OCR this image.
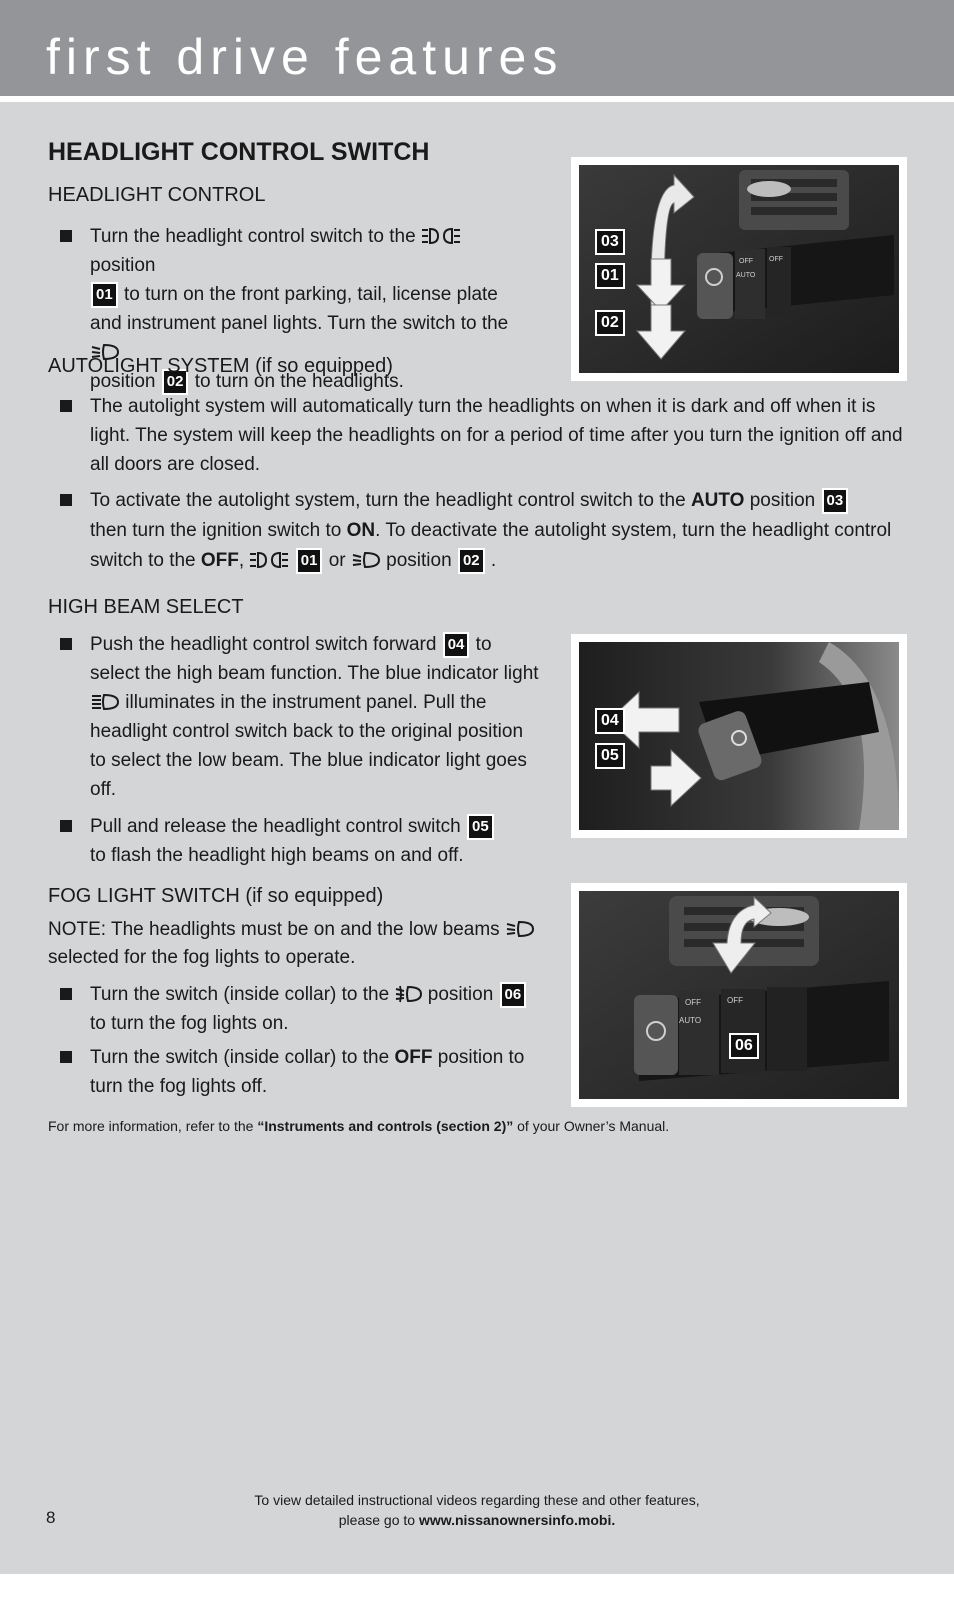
first drive features
HEADLIGHT CONTROL SWITCH
HEADLIGHT CONTROL
Turn the headlight control switch to the  position
01 to turn on the front parking, tail, license plate and instrument panel lights. Turn the switch to the
position 02 to turn on the headlights.
AUTOLIGHT SYSTEM (if so equipped)
The autolight system will automatically turn the headlights on when it is dark and off when it is light. The system will keep the headlights on for a period of time after you turn the ignition off and all doors are closed.
To activate the autolight system, turn the headlight control switch to the AUTO position 03
then turn the ignition switch to ON. To deactivate the autolight system, turn the headlight control switch to the OFF,	01 or position 02 .
HIGH BEAM SELECT
Push the headlight control switch forward 04 to select the high beam function. The blue indicator light  illuminates in the instrument panel. Pull the headlight control switch back to the original position to select the low beam. The blue indicator light goes off.
Pull and release the headlight control switch 05
to flash the headlight high beams on and off.
FOG LIGHT SWITCH (if so equipped)
NOTE: The headlights must be on and the low beams
selected for the fog lights to operate.
Turn the switch (inside collar) to the position 06
to turn the fog lights on.
Turn the switch (inside collar) to the OFF position to turn the fog lights off.
OFF OFF
AUTO
03
01
02
04
05
OFF	OFF
AUTO
06
For more information, refer to the “Instruments and controls (section 2)” of your Owner’s Manual.
To view detailed instructional videos regarding these and other features,
please go to www.nissanownersinfo.mobi.
8
